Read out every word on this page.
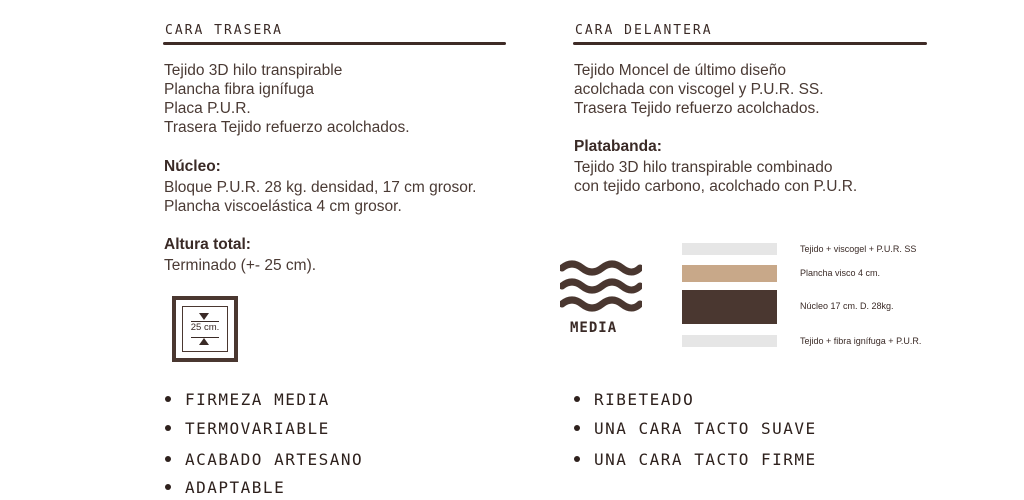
CARA TRASERA
Tejido 3D hilo transpirable
Plancha fibra ignífuga
Placa P.U.R.
Trasera Tejido refuerzo acolchados.
Núcleo:
Bloque P.U.R. 28 kg. densidad, 17 cm grosor.
Plancha viscoelástica 4 cm grosor.
Altura total:
Terminado (+- 25 cm).
25 cm.
FIRMEZA MEDIA
TERMOVARIABLE
ACABADO ARTESANO
ADAPTABLE
CARA DELANTERA
Tejido Moncel de último diseño
acolchada con viscogel y P.U.R. SS.
Trasera Tejido refuerzo acolchados.
Platabanda:
Tejido 3D hilo transpirable combinado
con tejido carbono, acolchado con P.U.R.
MEDIA
Tejido + viscogel + P.U.R. SS
Plancha visco 4 cm.
Núcleo 17 cm. D. 28kg.
Tejido + fibra ignífuga + P.U.R.
RIBETEADO
UNA CARA TACTO SUAVE
UNA CARA TACTO FIRME
